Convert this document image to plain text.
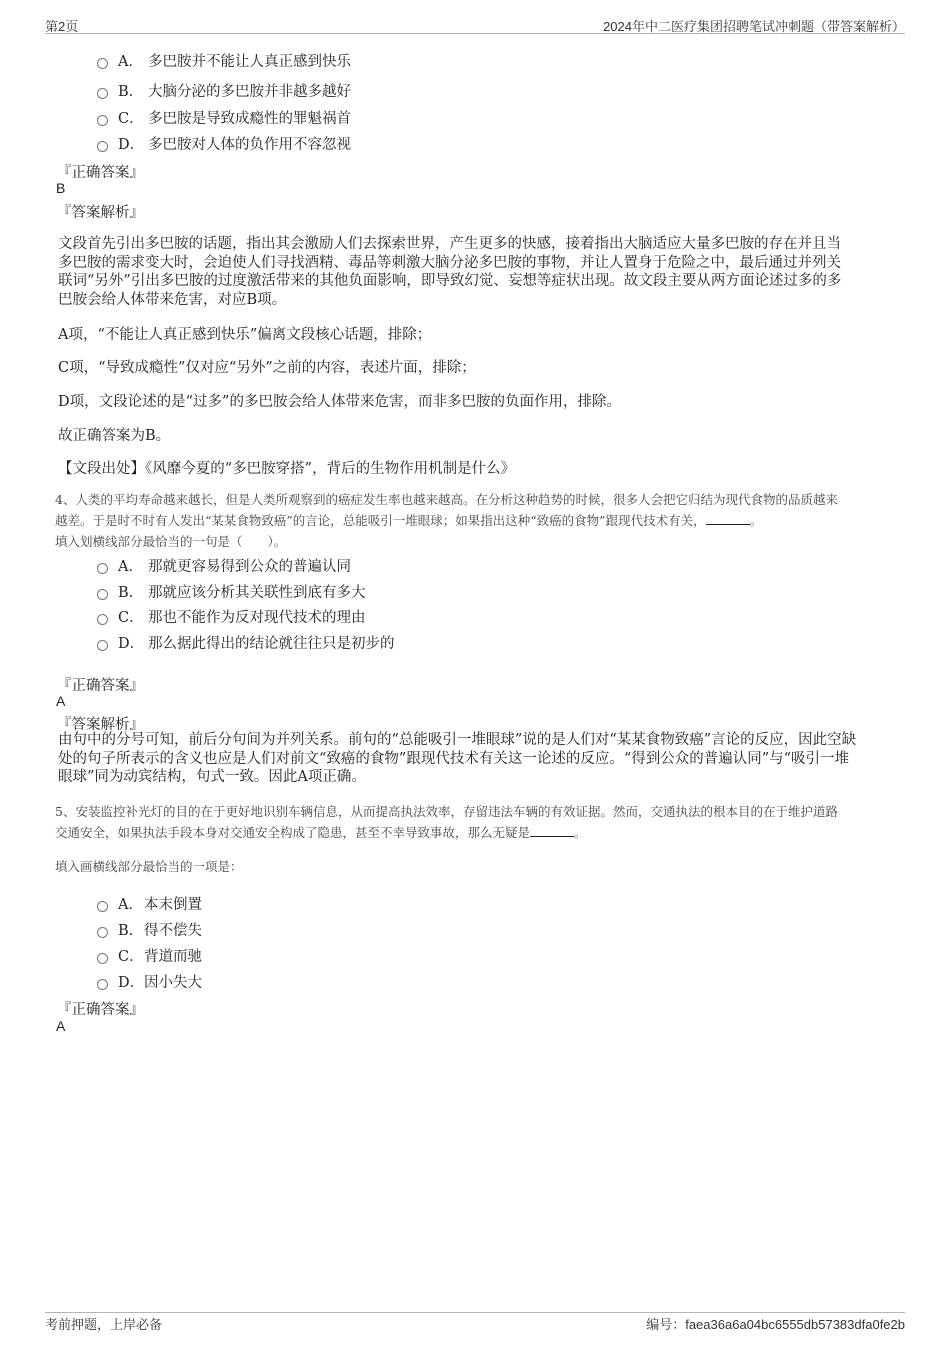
第2页	2024年中二医疗集团招聘笔试冲刺题（带答案解析）
A． 多巴胺并不能让人真正感到快乐
B. 大脑分泌的多巴胺并非越多越好
C． 多巴胺是导致成瘾性的罪魁祸首
D． 多巴胺对人体的负作用不容忽视
『正确答案』
B
『答案解析』
文段首先引出多巴胺的话题，指出其会激励人们去探索世界，产生更多的快感，接着指出大脑适应大量多巴胺的存在并且当
多巴胺的需求变大时，会迫使人们寻找酒精、毒品等刺激大脑分泌多巴胺的事物，并让人置身于危险之中，最后通过并列关
联词“另外”引出多巴胺的过度激活带来的其他负面影响，即导致幻觉、妄想等症状出现。故文段主要从两方面论述过多的多
巴胺会给人体带来危害，对应B项。
A项，“不能让人真正感到快乐”偏离文段核心话题，排除；
C项，“导致成瘾性”仅对应“另外”之前的内容，表述片面，排除；
D项，文段论述的是“过多”的多巴胺会给人体带来危害，而非多巴胺的负面作用，排除。
故正确答案为B。
【文段出处】《风靡今夏的“多巴胺穿搭”，背后的生物作用机制是什么》
4、人类的平均寿命越来越长，但是人类所观察到的癌症发生率也越来越高。在分析这种趋势的时候，很多人会把它归结为现代食物的品质越来
越差。于是时不时有人发出“某某食物致癌”的言论，总能吸引一堆眼球；如果指出这种“致癌的食物”跟现代技术有关，	。
填入划横线部分最恰当的一句是（　　）。
A． 那就更容易得到公众的普遍认同
B. 那就应该分析其关联性到底有多大
C． 那也不能作为反对现代技术的理由
D． 那么据此得出的结论就往往只是初步的
『正确答案』
A
『答案解析』
由句中的分号可知，前后分句间为并列关系。前句的“总能吸引一堆眼球”说的是人们对“某某食物致癌”言论的反应，因此空缺
处的句子所表示的含义也应是人们对前文“致癌的食物”跟现代技术有关这一论述的反应。“得到公众的普遍认同”与“吸引一堆
眼球”同为动宾结构，句式一致。因此A项正确。
5、安装监控补光灯的目的在于更好地识别车辆信息，从而提高执法效率，存留违法车辆的有效证据。然而，交通执法的根本目的在于维护道路
交通安全，如果执法手段本身对交通安全构成了隐患，甚至不幸导致事故，那么无疑是	。
填入画横线部分最恰当的一项是：
A．本末倒置
B. 得不偿失
C．背道而驰
D．因小失大
『正确答案』
A
考前押题，上岸必备	编号：faea36a6a04bc6555db57383dfa0fe2b
